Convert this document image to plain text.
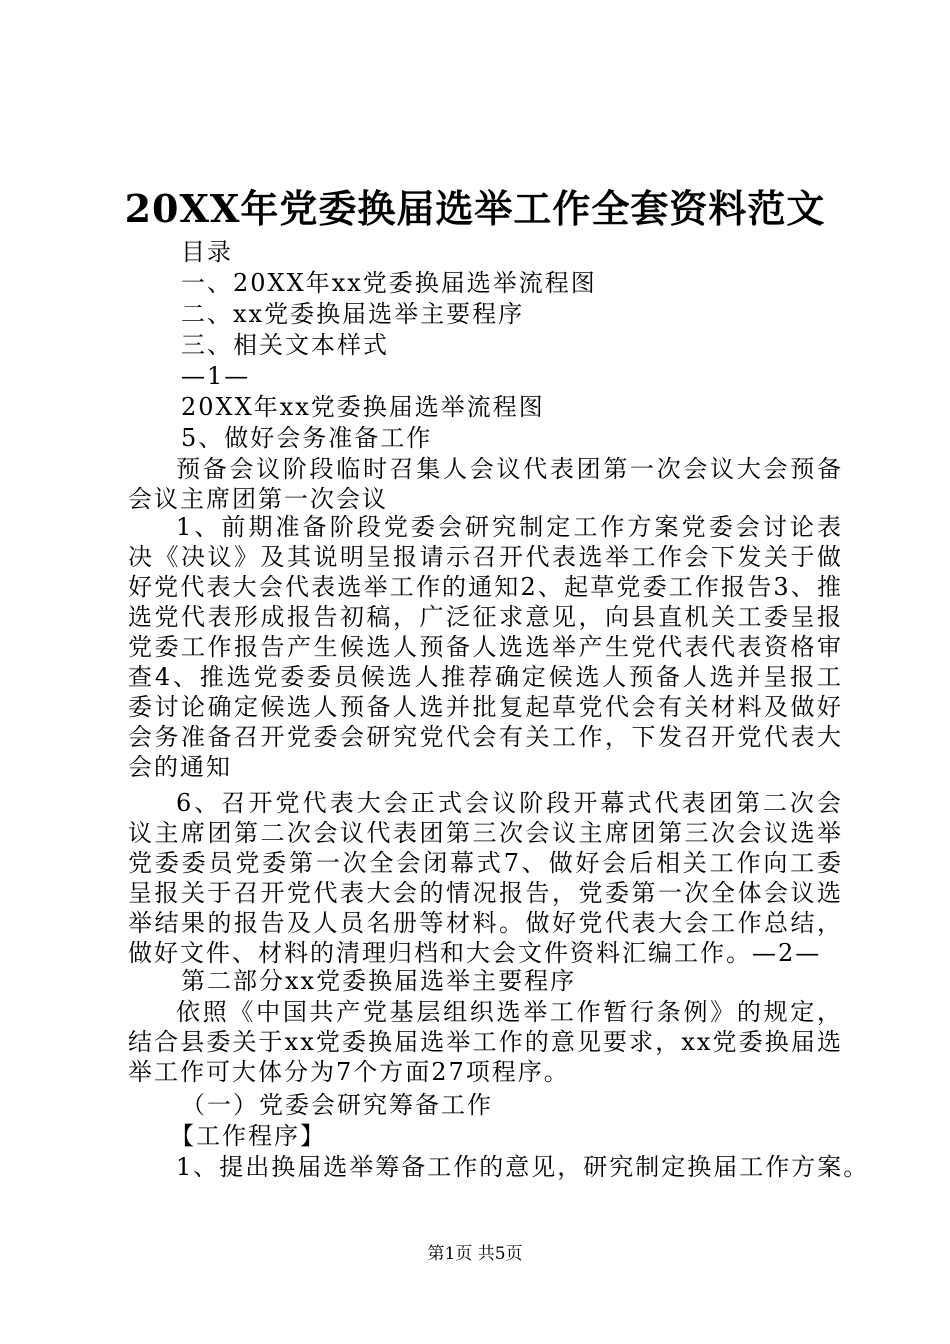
20XX年党委换届选举工作全套资料范文
目录
一、20XX年xx党委换届选举流程图
二、xx党委换届选举主要程序
三、相关文本样式
—1—
20XX年xx党委换届选举流程图
5、做好会务准备工作
预备会议阶段临时召集人会议代表团第一次会议大会预备会议主席团第一次会议
1、前期准备阶段党委会研究制定工作方案党委会讨论表决《决议》及其说明呈报请示召开代表选举工作会下发关于做好党代表大会代表选举工作的通知2、起草党委工作报告3、推选党代表形成报告初稿，广泛征求意见，向县直机关工委呈报党委工作报告产生候选人预备人选选举产生党代表代表资格审查4、推选党委委员候选人推荐确定候选人预备人选并呈报工委讨论确定候选人预备人选并批复起草党代会有关材料及做好会务准备召开党委会研究党代会有关工作，下发召开党代表大会的通知
6、召开党代表大会正式会议阶段开幕式代表团第二次会议主席团第二次会议代表团第三次会议主席团第三次会议选举党委委员党委第一次全会闭幕式7、做好会后相关工作向工委呈报关于召开党代表大会的情况报告，党委第一次全体会议选举结果的报告及人员名册等材料。做好党代表大会工作总结，做好文件、材料的清理归档和大会文件资料汇编工作。—2—
第二部分xx党委换届选举主要程序
依照《中国共产党基层组织选举工作暂行条例》的规定，结合县委关于xx党委换届选举工作的意见要求，xx党委换届选举工作可大体分为7个方面27项程序。
（一）党委会研究筹备工作
【工作程序】
1、提出换届选举筹备工作的意见，研究制定换届工作方案。
第1页 共5页
